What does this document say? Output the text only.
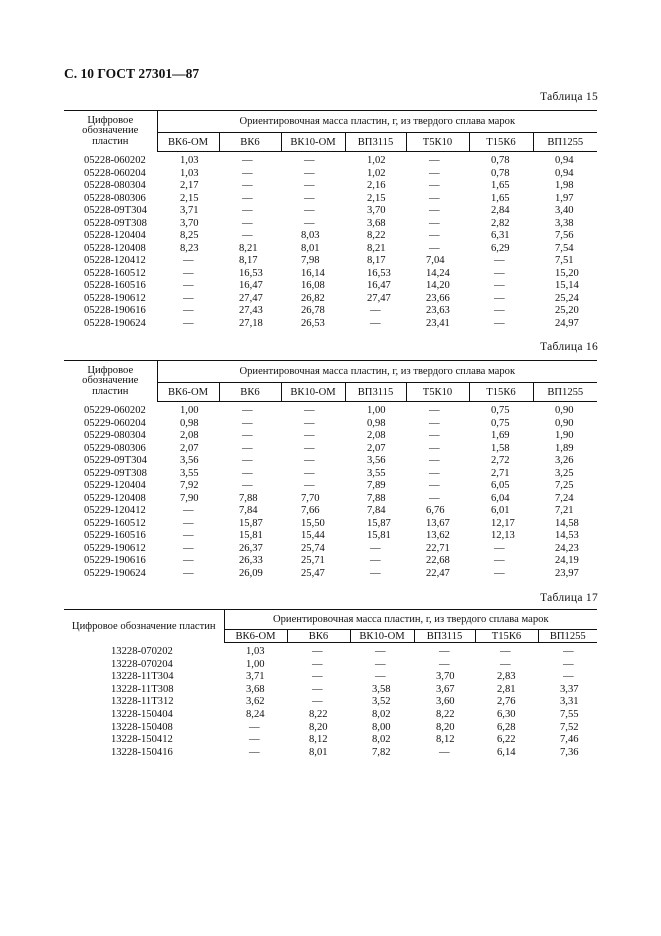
С. 10 ГОСТ 27301—87
Таблица 15
Цифровое обозначение пластин	Ориентировочная масса пластин, г, из твердого сплава марок						
	ВК6-ОМ	ВК6	ВК10-ОМ	ВП3115	Т5К10	Т15К6	ВП1255
05228-060202	1,03	—	—	1,02	—	0,78	0,94
05228-060204	1,03	—	—	1,02	—	0,78	0,94
05228-080304	2,17	—	—	2,16	—	1,65	1,98
05228-080306	2,15	—	—	2,15	—	1,65	1,97
05228-09Т304	3,71	—	—	3,70	—	2,84	3,40
05228-09Т308	3,70	—	—	3,68	—	2,82	3,38
05228-120404	8,25	—	8,03	8,22	—	6,31	7,56
05228-120408	8,23	8,21	8,01	8,21	—	6,29	7,54
05228-120412	—	8,17	7,98	8,17	7,04	—	7,51
05228-160512	—	16,53	16,14	16,53	14,24	—	15,20
05228-160516	—	16,47	16,08	16,47	14,20	—	15,14
05228-190612	—	27,47	26,82	27,47	23,66	—	25,24
05228-190616	—	27,43	26,78	—	23,63	—	25,20
05228-190624	—	27,18	26,53	—	23,41	—	24,97
Таблица 16
Цифровое обозначение пластин	Ориентировочная масса пластин, г, из твердого сплава марок						
	ВК6-ОМ	ВК6	ВК10-ОМ	ВП3115	Т5К10	Т15К6	ВП1255
05229-060202	1,00	—	—	1,00	—	0,75	0,90
05229-060204	0,98	—	—	0,98	—	0,75	0,90
05229-080304	2,08	—	—	2,08	—	1,69	1,90
05229-080306	2,07	—	—	2,07	—	1,58	1,89
05229-09Т304	3,56	—	—	3,56	—	2,72	3,26
05229-09Т308	3,55	—	—	3,55	—	2,71	3,25
05229-120404	7,92	—	—	7,89	—	6,05	7,25
05229-120408	7,90	7,88	7,70	7,88	—	6,04	7,24
05229-120412	—	7,84	7,66	7,84	6,76	6,01	7,21
05229-160512	—	15,87	15,50	15,87	13,67	12,17	14,58
05229-160516	—	15,81	15,44	15,81	13,62	12,13	14,53
05229-190612	—	26,37	25,74	—	22,71	—	24,23
05229-190616	—	26,33	25,71	—	22,68	—	24,19
05229-190624	—	26,09	25,47	—	22,47	—	23,97
Таблица 17
Цифровое обозначение пластин	Ориентировочная масса пластин, г, из твердого сплава марок					
	ВК6-ОМ	ВК6	ВК10-ОМ	ВП3115	Т15К6	ВП1255
13228-070202	1,03	—	—	—	—	—
13228-070204	1,00	—	—	—	—	—
13228-11Т304	3,71	—	—	3,70	2,83	—
13228-11Т308	3,68	—	3,58	3,67	2,81	3,37
13228-11Т312	3,62	—	3,52	3,60	2,76	3,31
13228-150404	8,24	8,22	8,02	8,22	6,30	7,55
13228-150408	—	8,20	8,00	8,20	6,28	7,52
13228-150412	—	8,12	8,02	8,12	6,22	7,46
13228-150416	—	8,01	7,82	—	6,14	7,36
